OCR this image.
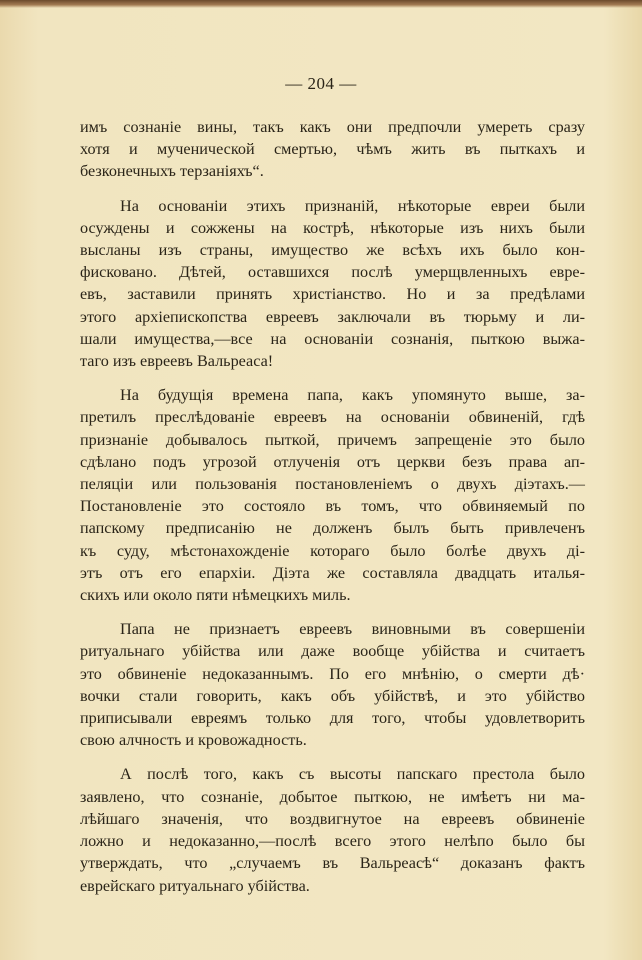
— 204 —
имъ сознаніе вины, такъ какъ они предпочли умереть сразу
хотя и мученической смертью, чѣмъ жить въ пыткахъ и
безконечныхъ терзаніяхъ“.
На основаніи этихъ признаній, нѣкоторые евреи были
осуждены и сожжены на кострѣ, нѣкоторые изъ нихъ были
высланы изъ страны, имущество же всѣхъ ихъ было кон-
фисковано. Дѣтей, оставшихся послѣ умерщвленныхъ евре-
евъ, заставили принять христіанство. Но и за предѣлами
этого архіепископства евреевъ заключали въ тюрьму и ли-
шали имущества,—все на основаніи сознанія, пыткою выжа-
таго изъ евреевъ Вальреаса!
На будущія времена папа, какъ упомянуто выше, за-
претилъ преслѣдованіе евреевъ на основаніи обвиненій, гдѣ
признаніе добывалось пыткой, причемъ запрещеніе это было
сдѣлано подъ угрозой отлученія отъ церкви безъ права ап-
пеляціи или пользованія постановленіемъ о двухъ діэтахъ.—
Постановленіе это состояло въ томъ, что обвиняемый по
папскому предписанію не долженъ былъ быть привлеченъ
къ суду, мѣстонахожденіе котораго было болѣе двухъ ді-
этъ отъ его епархіи. Діэта же составляла двадцать италья-
скихъ или около пяти нѣмецкихъ миль.
Папа не признаетъ евреевъ виновными въ совершеніи
ритуальнаго убійства или даже вообще убійства и считаетъ
это обвиненіе недоказаннымъ. По его мнѣнію, о смерти дѣ·
вочки стали говорить, какъ объ убійствѣ, и это убійство
приписывали евреямъ только для того, чтобы удовлетворить
свою алчность и кровожадность.
А послѣ того, какъ съ высоты папскаго престола было
заявлено, что сознаніе, добытое пыткою, не имѣетъ ни ма-
лѣйшаго значенія, что воздвигнутое на евреевъ обвиненіе
ложно и недоказанно,—послѣ всего этого нелѣпо было бы
утверждать, что „случаемъ въ Вальреасѣ“ доказанъ фактъ
еврейскаго ритуальнаго убійства.
